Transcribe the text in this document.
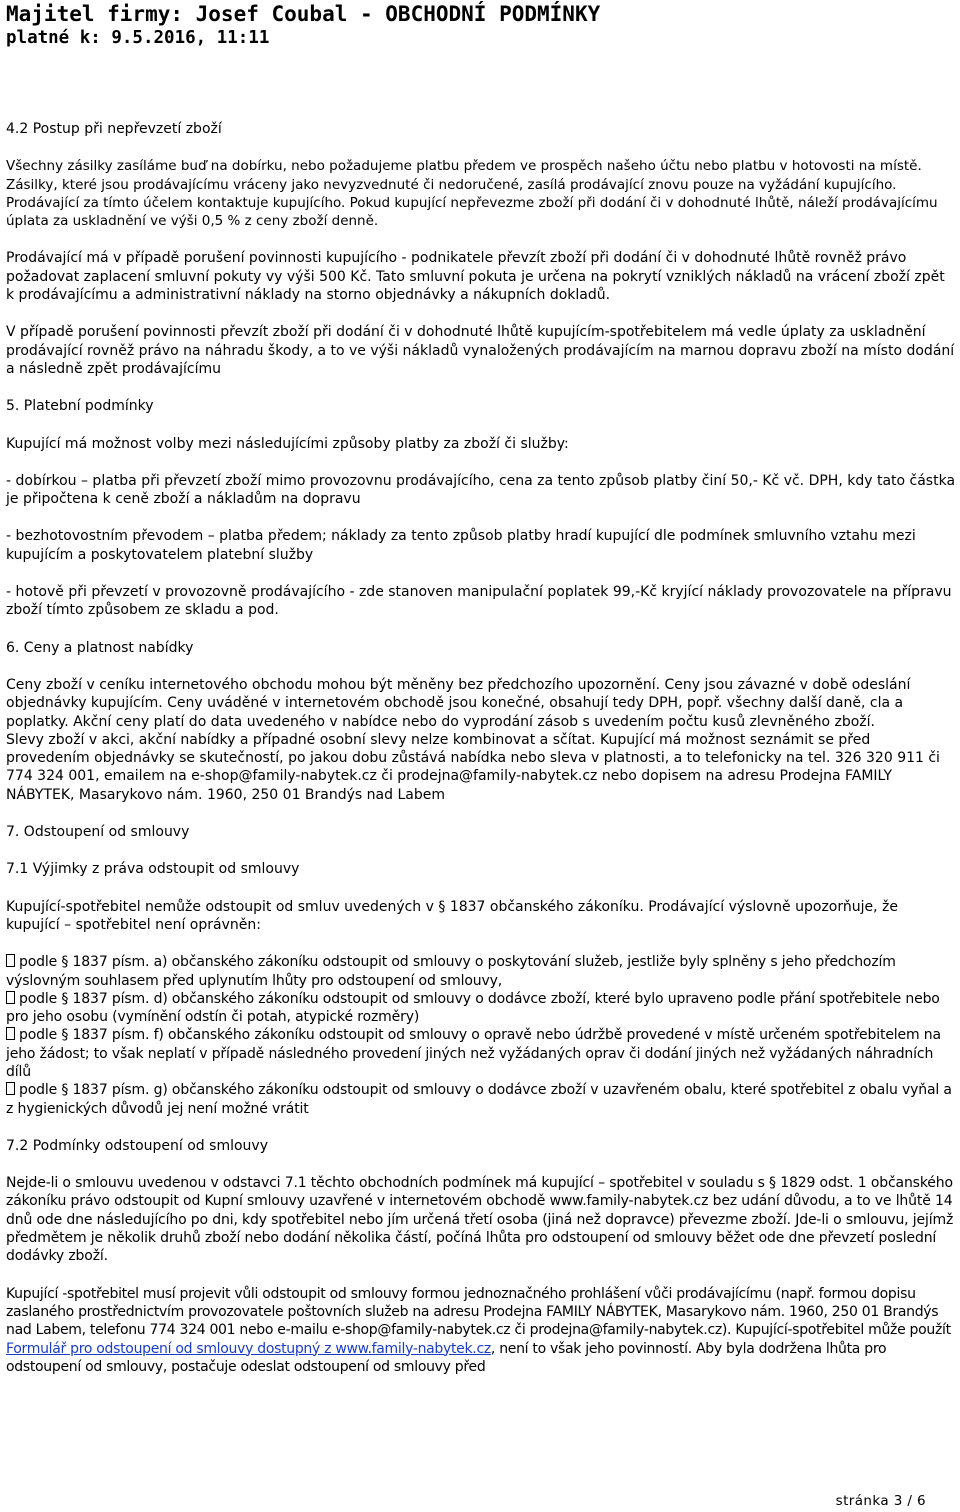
Majitel firmy: Josef Coubal - OBCHODNÍ PODMÍNKY
platné k: 9.5.2016, 11:11

4.2 Postup při nepřevzetí zboží

Všechny zásilky zasíláme buď na dobírku, nebo požadujeme platbu předem ve prospěch našeho účtu nebo platbu v hotovosti na místě. Zásilky, které jsou prodávajícímu vráceny jako nevyzvednuté či nedoručené, zasílá prodávající znovu pouze na vyžádání kupujícího. Prodávající za tímto účelem kontaktuje kupujícího. Pokud kupující nepřevezme zboží při dodání či v dohodnuté lhůtě, náleží prodávajícímu úplata za uskladnění ve výši 0,5 % z ceny zboží denně.

Prodávající má v případě porušení povinnosti kupujícího - podnikatele převzít zboží při dodání či v dohodnuté lhůtě rovněž právo požadovat zaplacení smluvní pokuty vy výši 500 Kč. Tato smluvní pokuta je určena na pokrytí vzniklých nákladů na vrácení zboží zpět k prodávajícímu a administrativní náklady na storno objednávky a nákupních dokladů.

V případě porušení povinnosti převzít zboží při dodání či v dohodnuté lhůtě kupujícím-spotřebitelem má vedle úplaty za uskladnění prodávající rovněž právo na náhradu škody, a to ve výši nákladů vynaložených prodávajícím na marnou dopravu zboží na místo dodání a následně zpět prodávajícímu

5. Platební podmínky

Kupující má možnost volby mezi následujícími způsoby platby za zboží či služby:

- dobírkou – platba při převzetí zboží mimo provozovnu prodávajícího, cena za tento způsob platby činí 50,- Kč vč. DPH, kdy tato částka je připočtena k ceně zboží a nákladům na dopravu

- bezhotovostním převodem – platba předem; náklady za tento způsob platby hradí kupující dle podmínek smluvního vztahu mezi kupujícím a poskytovatelem platební služby

- hotově při převzetí v provozovně prodávajícího - zde stanoven manipulační poplatek 99,-Kč kryjící náklady provozovatele na přípravu zboží tímto způsobem ze skladu a pod.

6. Ceny a platnost nabídky

Ceny zboží v ceníku internetového obchodu mohou být měněny bez předchozího upozornění. Ceny jsou závazné v době odeslání objednávky kupujícím. Ceny uváděné v internetovém obchodě jsou konečné, obsahují tedy DPH, popř. všechny další daně, cla a poplatky. Akční ceny platí do data uvedeného v nabídce nebo do vyprodání zásob s uvedením počtu kusů zlevněného zboží.

Slevy zboží v akci, akční nabídky a případné osobní slevy nelze kombinovat a sčítat. Kupující má možnost seznámit se před provedením objednávky se skutečností, po jakou dobu zůstává nabídka nebo sleva v platnosti, a to telefonicky na tel. 326 320 911 či 774 324 001, emailem na e-shop@family-nabytek.cz či prodejna@family-nabytek.cz nebo dopisem na adresu Prodejna FAMILY NÁBYTEK, Masarykovo nám. 1960, 250 01 Brandýs nad Labem

7. Odstoupení od smlouvy

7.1 Výjimky z práva odstoupit od smlouvy

Kupující-spotřebitel nemůže odstoupit od smluv uvedených v § 1837 občanského zákoníku. Prodávající výslovně upozorňuje, že kupující – spotřebitel není oprávněn:

podle § 1837 písm. a) občanského zákoníku odstoupit od smlouvy o poskytování služeb, jestliže byly splněny s jeho předchozím výslovným souhlasem před uplynutím lhůty pro odstoupení od smlouvy,
podle § 1837 písm. d) občanského zákoníku odstoupit od smlouvy o dodávce zboží, které bylo upraveno podle přání spotřebitele nebo pro jeho osobu (vymínění odstín či potah, atypické rozměry)
podle § 1837 písm. f) občanského zákoníku odstoupit od smlouvy o opravě nebo údržbě provedené v místě určeném spotřebitelem na jeho žádost; to však neplatí v případě následného provedení jiných než vyžádaných oprav či dodání jiných než vyžádaných náhradních dílů
podle § 1837 písm. g) občanského zákoníku odstoupit od smlouvy o dodávce zboží v uzavřeném obalu, které spotřebitel z obalu vyňal a z hygienických důvodů jej není možné vrátit

7.2 Podmínky odstoupení od smlouvy

Nejde-li o smlouvu uvedenou v odstavci 7.1 těchto obchodních podmínek má kupující – spotřebitel v souladu s § 1829 odst. 1 občanského zákoníku právo odstoupit od Kupní smlouvy uzavřené v internetovém obchodě www.family-nabytek.cz bez udání důvodu, a to ve lhůtě 14 dnů ode dne následujícího po dni, kdy spotřebitel nebo jím určená třetí osoba (jiná než dopravce) převezme zboží. Jde-li o smlouvu, jejímž předmětem je několik druhů zboží nebo dodání několika částí, počíná lhůta pro odstoupení od smlouvy běžet ode dne převzetí poslední dodávky zboží.

Kupující -spotřebitel musí projevit vůli odstoupit od smlouvy formou jednoznačného prohlášení vůči prodávajícímu (např. formou dopisu zaslaného prostřednictvím provozovatele poštovních služeb na adresu Prodejna FAMILY NÁBYTEK, Masarykovo nám. 1960, 250 01 Brandýs nad Labem, telefonu 774 324 001 nebo e-mailu e-shop@family-nabytek.cz či prodejna@family-nabytek.cz). Kupující-spotřebitel může použít Formulář pro odstoupení od smlouvy dostupný z www.family-nabytek.cz, není to však jeho povinností. Aby byla dodržena lhůta pro odstoupení od smlouvy, postačuje odeslat odstoupení od smlouvy před

stránka 3 / 6
